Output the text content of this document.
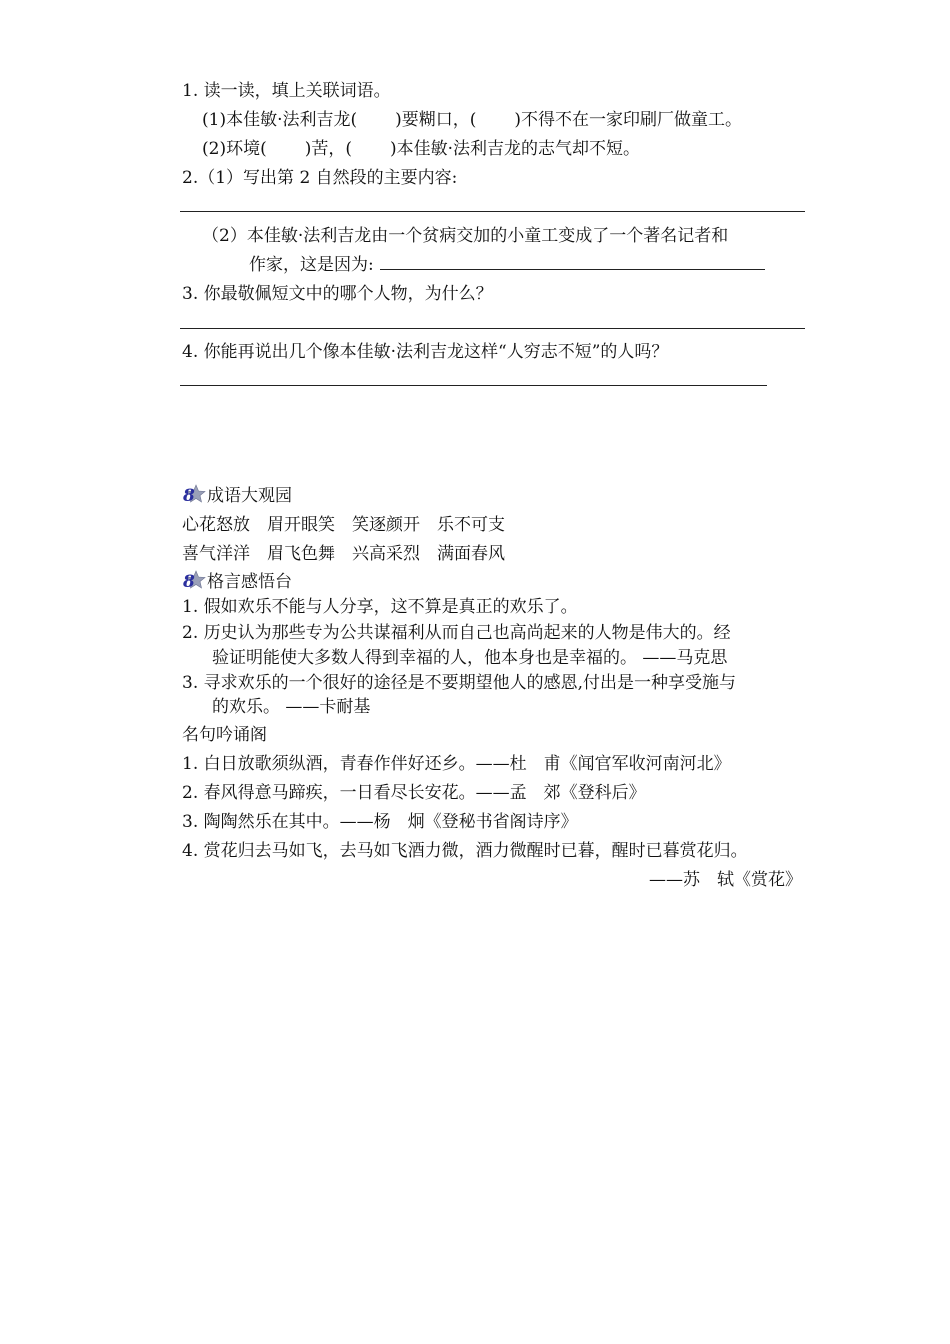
1. 读一读，填上关联词语。
(1)本佳敏·法利吉龙( )要糊口，( )不得不在一家印刷厂做童工。
(2)环境( )苦，( )本佳敏·法利吉龙的志气却不短。
2.（1）写出第 2 自然段的主要内容:
（2）本佳敏·法利吉龙由一个贫病交加的小童工变成了一个著名记者和
作家，这是因为:
3. 你最敬佩短文中的哪个人物，为什么？
4. 你能再说出几个像本佳敏·法利吉龙这样“人穷志不短”的人吗？
8 成语大观园
心花怒放　眉开眼笑　笑逐颜开　乐不可支
喜气洋洋　眉飞色舞　兴高采烈　满面春风
8 格言感悟台
1. 假如欢乐不能与人分享，这不算是真正的欢乐了。
2. 历史认为那些专为公共谋福利从而自己也高尚起来的人物是伟大的。经
验证明能使大多数人得到幸福的人，他本身也是幸福的。 ——马克思
3. 寻求欢乐的一个很好的途径是不要期望他人的感恩,付出是一种享受施与
的欢乐。 ——卡耐基
名句吟诵阁
1. 白日放歌须纵酒，青春作伴好还乡。——杜　甫《闻官军收河南河北》
2. 春风得意马蹄疾，一日看尽长安花。——孟　郊《登科后》
3. 陶陶然乐在其中。——杨　炯《登秘书省阁诗序》
4. 赏花归去马如飞，去马如飞酒力微，酒力微醒时已暮，醒时已暮赏花归。
——苏　轼《赏花》
